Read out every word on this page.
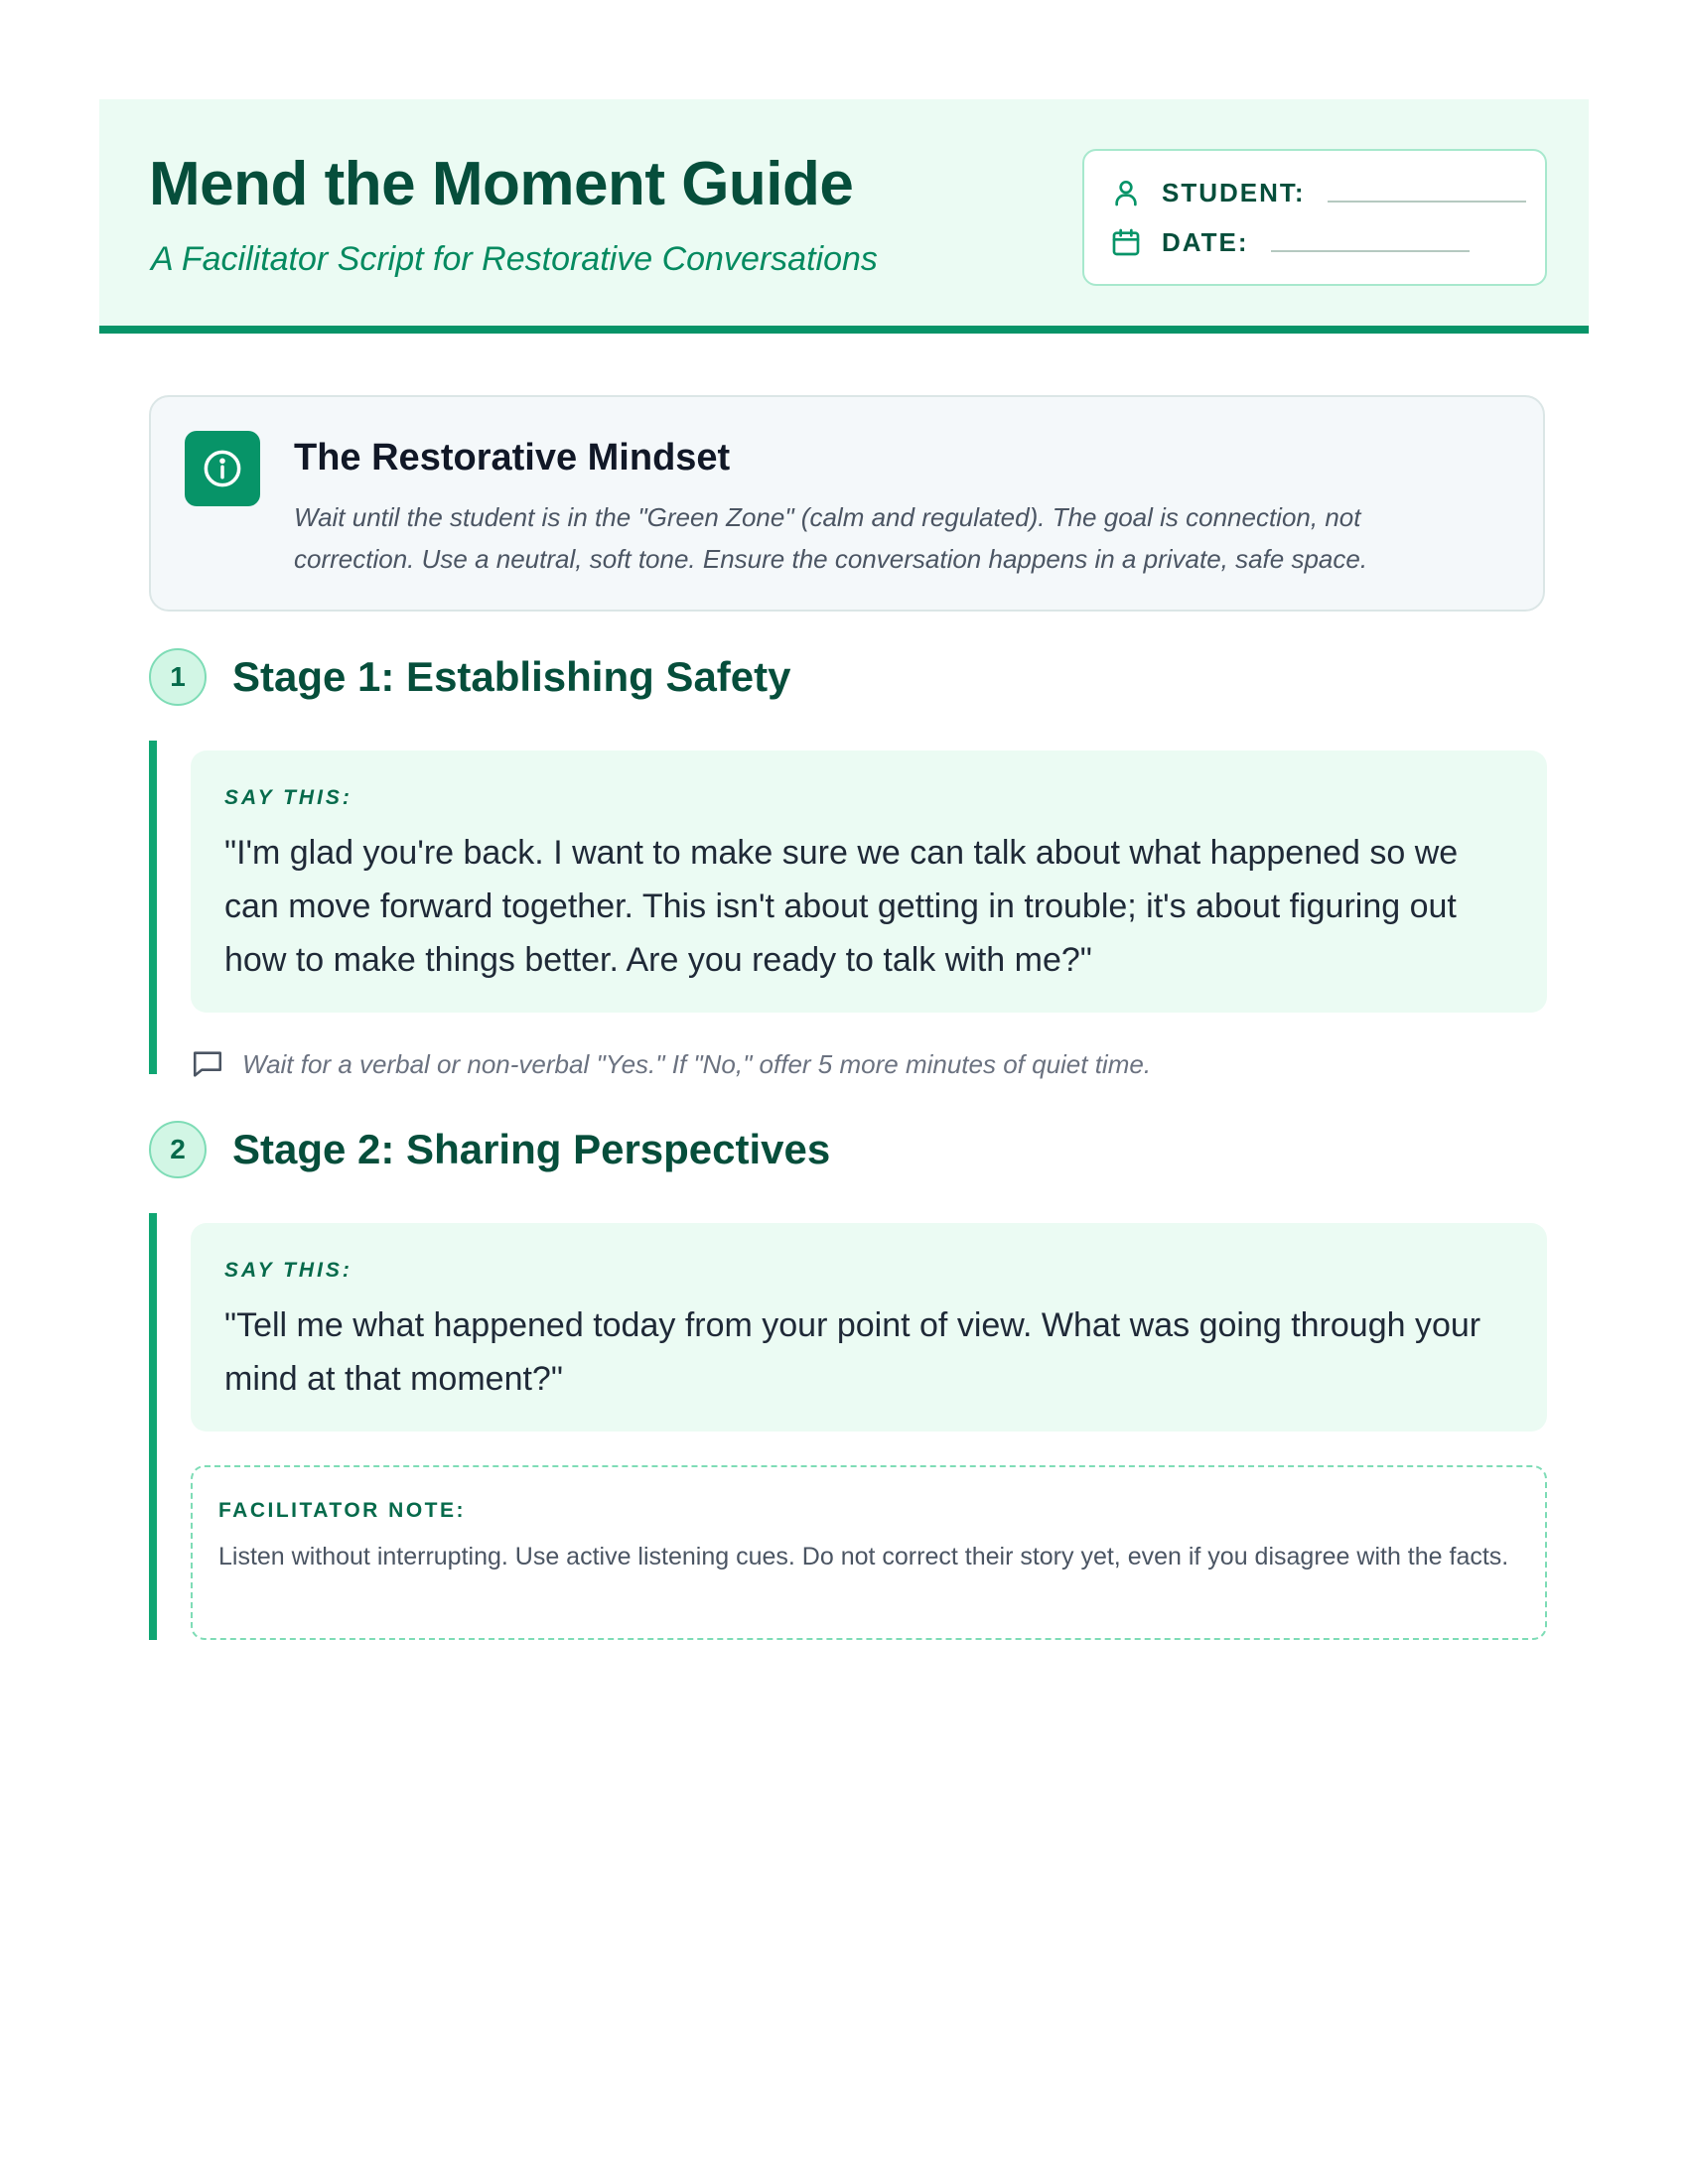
Mend the Moment Guide
A Facilitator Script for Restorative Conversations
STUDENT:
DATE:
The Restorative Mindset
Wait until the student is in the "Green Zone" (calm and regulated). The goal is connection, not correction. Use a neutral, soft tone. Ensure the conversation happens in a private, safe space.
1	Stage 1: Establishing Safety
SAY THIS:
"I'm glad you're back. I want to make sure we can talk about what happened so we can move forward together. This isn't about getting in trouble; it's about figuring out how to make things better. Are you ready to talk with me?"
Wait for a verbal or non-verbal "Yes." If "No," offer 5 more minutes of quiet time.
2	Stage 2: Sharing Perspectives
SAY THIS:
"Tell me what happened today from your point of view. What was going through your mind at that moment?"
FACILITATOR NOTE:
Listen without interrupting. Use active listening cues. Do not correct their story yet, even if you disagree with the facts.
